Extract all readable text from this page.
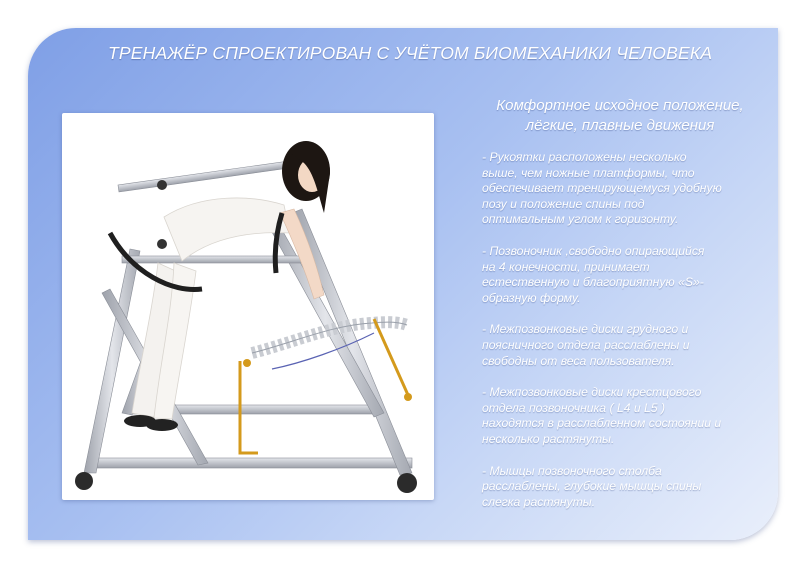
ТРЕНАЖЁР СПРОЕКТИРОВАН С УЧЁТОМ БИОМЕХАНИКИ ЧЕЛОВЕКА
Комфортное исходное положение,
лёгкие, плавные движения
- Рукоятки расположены несколько
выше, чем ножные платформы, что
обеспечивает тренирующемуся удобную
позу и положение спины под
оптимальным углом к горизонту.
- Позвоночник ,свободно опирающийся
на 4 конечности, принимает
естественную и благоприятную «S»-
образную форму.
- Межпозвонковые диски грудного и
поясничного отдела расслаблены и
свободны от веса пользователя.
- Межпозвонковые диски крестцового
отдела позвоночника ( L4 и L5 )
находятся в расслабленном состоянии и
несколько растянуты.
- Мышцы позвоночного столба
расслаблены, глубокие мышцы спины
слегка растянуты.
